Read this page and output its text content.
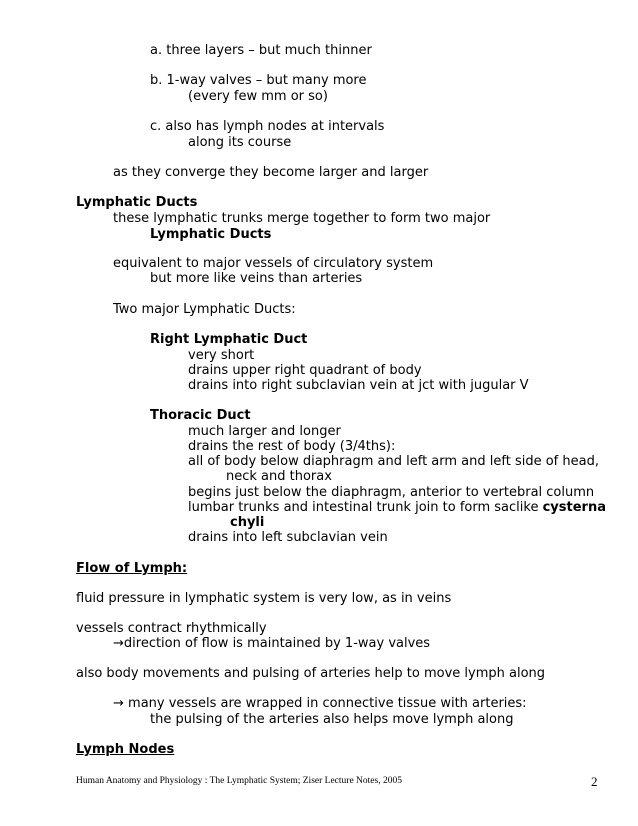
a. three layers – but much thinner
b. 1-way valves – but many more
(every few mm or so)
c. also has lymph nodes at intervals
along its course
as they converge they become larger and larger
Lymphatic Ducts
these lymphatic trunks merge together to form two major
Lymphatic Ducts
equivalent to major vessels of circulatory system
but more like veins than arteries
Two major Lymphatic Ducts:
Right Lymphatic Duct
very short
drains upper right quadrant of body
drains into right subclavian vein at jct with jugular V
Thoracic Duct
much larger and longer
drains the rest of body (3/4ths):
all of body below diaphragm and left arm and left side of head,
neck and thorax
begins just below the diaphragm, anterior to vertebral column
lumbar trunks and intestinal trunk join to form saclike cysterna
chyli
drains into left subclavian vein
Flow of Lymph:
fluid pressure in lymphatic system is very low, as in veins
vessels contract rhythmically
→direction of flow is maintained by 1-way valves
also body movements and pulsing of arteries help to move lymph along
→ many vessels are wrapped in connective tissue with arteries:
the pulsing of the arteries also helps move lymph along
Lymph Nodes
Human Anatomy and Physiology : The Lymphatic System; Ziser Lecture Notes, 2005	2
